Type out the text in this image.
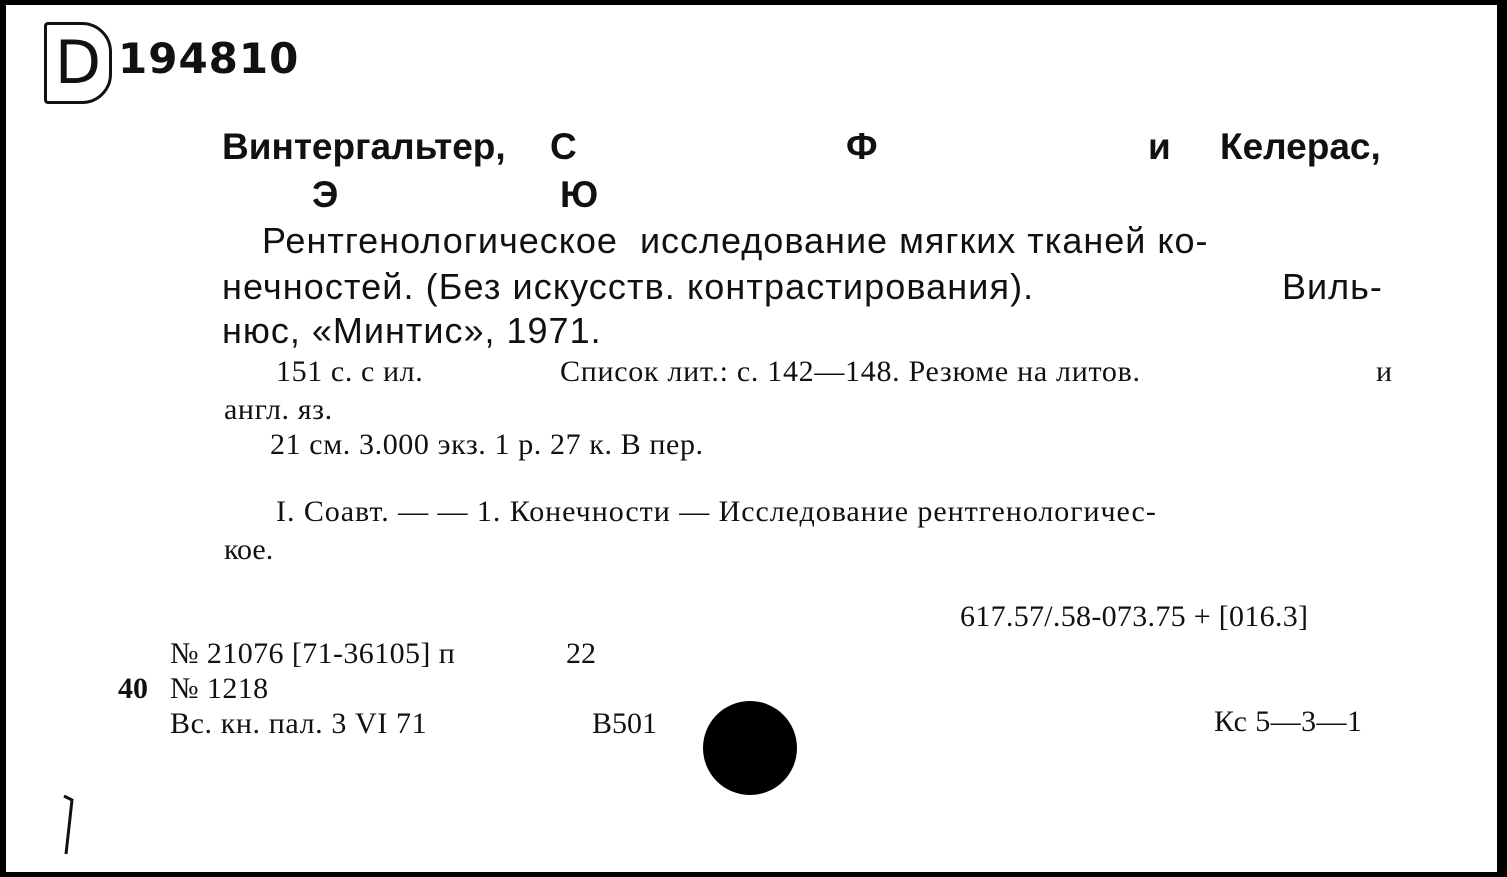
D 194810
Винтергальтер, С	Ф	и Келерас,
Э	Ю
Рентгенологическое  исследование мягких тканей ко-
нечностей. (Без искусств. контрастирования).	Виль-
нюс, «Минтис», 1971.
151 с. с ил.	Список лит.: с. 142—148. Резюме на литов.	и
англ. яз.
21 см. 3.000 экз. 1 р. 27 к. В пер.
I. Соавт. — — 1. Конечности — Исследование рентгенологичес-
кое.
617.57/.58-073.75 + [016.3]
№ 21076 [71-36105] п	22
40 № 1218
Вс. кн. пал. 3 VI 71	В501	Кс 5—3—1
